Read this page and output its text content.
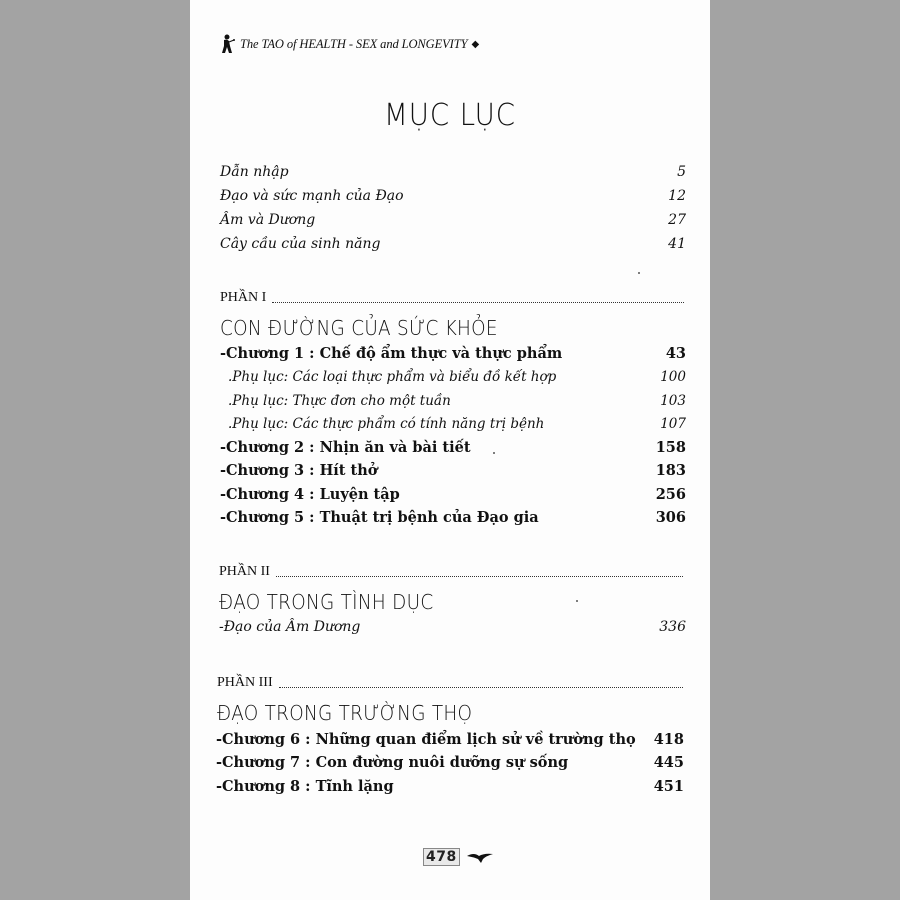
The TAO of HEALTH - SEX and LONGEVITY ◆
MỤC LỤC
Dẫn nhập	5
Đạo và sức mạnh của Đạo	12
Âm và Dương	27
Cây cầu của sinh năng	41
PHẦN I
CON ĐƯỜNG CỦA SỨC KHỎE
-Chương 1 : Chế độ ẩm thực và thực phẩm	43
.Phụ lục: Các loại thực phẩm và biểu đồ kết hợp	100
.Phụ lục: Thực đơn cho một tuần	103
.Phụ lục: Các thực phẩm có tính năng trị bệnh	107
-Chương 2 : Nhịn ăn và bài tiết	158
-Chương 3 : Hít thở	183
-Chương 4 : Luyện tập	256
-Chương 5 : Thuật trị bệnh của Đạo gia	306
PHẦN II
ĐẠO TRONG TÌNH DỤC
-Đạo của Âm Dương	336
PHẦN III
ĐẠO TRONG TRƯỜNG THỌ
-Chương 6 : Những quan điểm lịch sử về trường thọ 418
-Chương 7 : Con đường nuôi dưỡng sự sống	445
-Chương 8 : Tĩnh lặng	451
478
